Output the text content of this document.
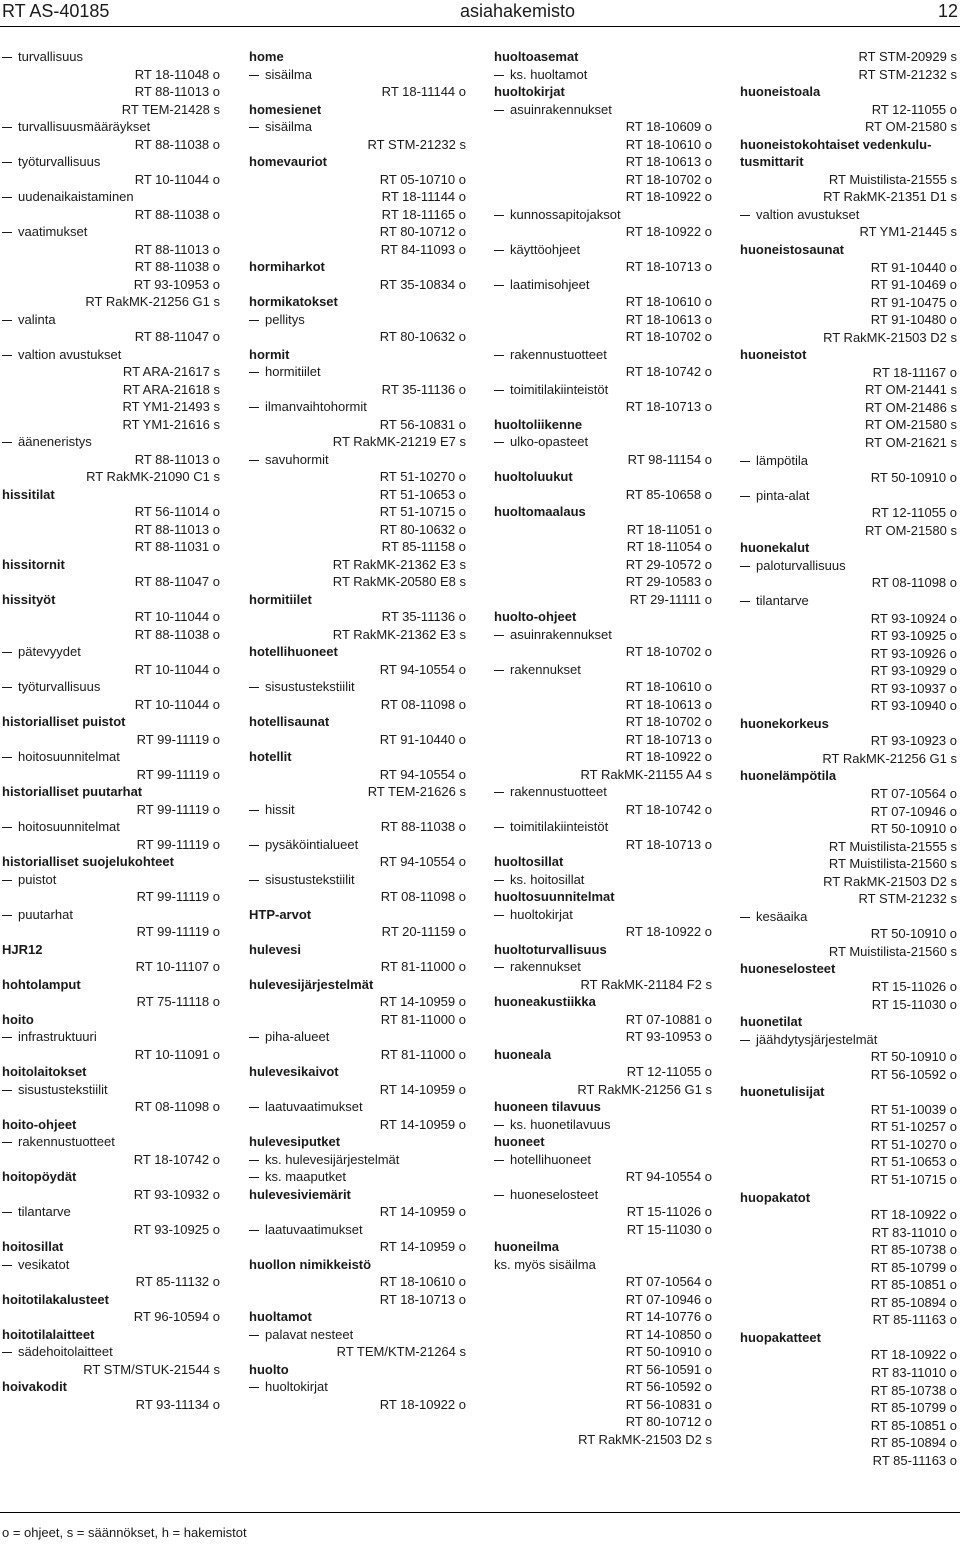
RT AS-40185	asiahakemisto	12
turvallisuus
RT 18-11048 o
RT 88-11013 o
RT TEM-21428 s
turvallisuusmääräykset
RT 88-11038 o
työturvallisuus
RT 10-11044 o
uudenaikaistaminen
RT 88-11038 o
vaatimukset
RT 88-11013 o
RT 88-11038 o
RT 93-10953 o
RT RakMK-21256 G1 s
valinta
RT 88-11047 o
valtion avustukset
RT ARA-21617 s
RT ARA-21618 s
RT YM1-21493 s
RT YM1-21616 s
ääneneristys
RT 88-11013 o
RT RakMK-21090 C1 s
hissitilat
RT 56-11014 o
RT 88-11013 o
RT 88-11031 o
hissitornit
RT 88-11047 o
hissityöt
RT 10-11044 o
RT 88-11038 o
pätevyydet
RT 10-11044 o
työturvallisuus
RT 10-11044 o
historialliset puistot
RT 99-11119 o
hoitosuunnitelmat
RT 99-11119 o
historialliset puutarhat
RT 99-11119 o
hoitosuunnitelmat
RT 99-11119 o
historialliset suojelukohteet
puistot
RT 99-11119 o
puutarhat
RT 99-11119 o
HJR12
RT 10-11107 o
hohtolamput
RT 75-11118 o
hoito
infrastruktuuri
RT 10-11091 o
hoitolaitokset
sisustustekstiilit
RT 08-11098 o
hoito-ohjeet
rakennustuotteet
RT 18-10742 o
hoitopöydät
RT 93-10932 o
tilantarve
RT 93-10925 o
hoitosillat
vesikatot
RT 85-11132 o
hoitotilakalusteet
RT 96-10594 o
hoitotilalaitteet
sädehoitolaitteet
RT STM/STUK-21544 s
hoivakodit
RT 93-11134 o
home
sisäilma
RT 18-11144 o
homesienet
sisäilma
RT STM-21232 s
homevauriot
RT 05-10710 o
RT 18-11144 o
RT 18-11165 o
RT 80-10712 o
RT 84-11093 o
hormiharkot
RT 35-10834 o
hormikatokset
pellitys
RT 80-10632 o
hormit
hormitiilet
RT 35-11136 o
ilmanvaihtohormit
RT 56-10831 o
RT RakMK-21219 E7 s
savuhormit
RT 51-10270 o
RT 51-10653 o
RT 51-10715 o
RT 80-10632 o
RT 85-11158 o
RT RakMK-21362 E3 s
RT RakMK-20580 E8 s
hormitiilet
RT 35-11136 o
RT RakMK-21362 E3 s
hotellihuoneet
RT 94-10554 o
sisustustekstiilit
RT 08-11098 o
hotellisaunat
RT 91-10440 o
hotellit
RT 94-10554 o
RT TEM-21626 s
hissit
RT 88-11038 o
pysäköintialueet
RT 94-10554 o
sisustustekstiilit
RT 08-11098 o
HTP-arvot
RT 20-11159 o
hulevesi
RT 81-11000 o
hulevesijärjestelmät
RT 14-10959 o
RT 81-11000 o
piha-alueet
RT 81-11000 o
hulevesikaivot
RT 14-10959 o
laatuvaatimukset
RT 14-10959 o
hulevesiputket
ks. hulevesijärjestelmät
ks. maaputket
hulevesiviemärit
RT 14-10959 o
laatuvaatimukset
RT 14-10959 o
huollon nimikkeistö
RT 18-10610 o
RT 18-10713 o
huoltamot
palavat nesteet
RT TEM/KTM-21264 s
huolto
huoltokirjat
RT 18-10922 o
huoltoasemat
ks. huoltamot
huoltokirjat
asuinrakennukset
RT 18-10609 o
RT 18-10610 o
RT 18-10613 o
RT 18-10702 o
RT 18-10922 o
kunnossapitojaksot
RT 18-10922 o
käyttöohjeet
RT 18-10713 o
laatimisohjeet
RT 18-10610 o
RT 18-10613 o
RT 18-10702 o
rakennustuotteet
RT 18-10742 o
toimitilakiinteistöt
RT 18-10713 o
huoltoliikenne
ulko-opasteet
RT 98-11154 o
huoltoluukut
RT 85-10658 o
huoltomaalaus
RT 18-11051 o
RT 18-11054 o
RT 29-10572 o
RT 29-10583 o
RT 29-11111 o
huolto-ohjeet
asuinrakennukset
RT 18-10702 o
rakennukset
RT 18-10610 o
RT 18-10613 o
RT 18-10702 o
RT 18-10713 o
RT 18-10922 o
RT RakMK-21155 A4 s
rakennustuotteet
RT 18-10742 o
toimitilakiinteistöt
RT 18-10713 o
huoltosillat
ks. hoitosillat
huoltosuunnitelmat
huoltokirjat
RT 18-10922 o
huoltoturvallisuus
rakennukset
RT RakMK-21184 F2 s
huoneakustiikka
RT 07-10881 o
RT 93-10953 o
huoneala
RT 12-11055 o
RT RakMK-21256 G1 s
huoneen tilavuus
ks. huonetilavuus
huoneet
hotellihuoneet
RT 94-10554 o
huoneselosteet
RT 15-11026 o
RT 15-11030 o
huoneilma
ks. myös sisäilma
RT 07-10564 o
RT 07-10946 o
RT 14-10776 o
RT 14-10850 o
RT 50-10910 o
RT 56-10591 o
RT 56-10592 o
RT 56-10831 o
RT 80-10712 o
RT RakMK-21503 D2 s
RT STM-20929 s
RT STM-21232 s
huoneistoala
RT 12-11055 o
RT OM-21580 s
huoneistokohtaiset vedenkulu-
tusmittarit
RT Muistilista-21555 s
RT RakMK-21351 D1 s
valtion avustukset
RT YM1-21445 s
huoneistosaunat
RT 91-10440 o
RT 91-10469 o
RT 91-10475 o
RT 91-10480 o
RT RakMK-21503 D2 s
huoneistot
RT 18-11167 o
RT OM-21441 s
RT OM-21486 s
RT OM-21580 s
RT OM-21621 s
lämpötila
RT 50-10910 o
pinta-alat
RT 12-11055 o
RT OM-21580 s
huonekalut
paloturvallisuus
RT 08-11098 o
tilantarve
RT 93-10924 o
RT 93-10925 o
RT 93-10926 o
RT 93-10929 o
RT 93-10937 o
RT 93-10940 o
huonekorkeus
RT 93-10923 o
RT RakMK-21256 G1 s
huonelämpötila
RT 07-10564 o
RT 07-10946 o
RT 50-10910 o
RT Muistilista-21555 s
RT Muistilista-21560 s
RT RakMK-21503 D2 s
RT STM-21232 s
kesäaika
RT 50-10910 o
RT Muistilista-21560 s
huoneselosteet
RT 15-11026 o
RT 15-11030 o
huonetilat
jäähdytysjärjestelmät
RT 50-10910 o
RT 56-10592 o
huonetulisijat
RT 51-10039 o
RT 51-10257 o
RT 51-10270 o
RT 51-10653 o
RT 51-10715 o
huopakatot
RT 18-10922 o
RT 83-11010 o
RT 85-10738 o
RT 85-10799 o
RT 85-10851 o
RT 85-10894 o
RT 85-11163 o
huopakatteet
RT 18-10922 o
RT 83-11010 o
RT 85-10738 o
RT 85-10799 o
RT 85-10851 o
RT 85-10894 o
RT 85-11163 o
o = ohjeet, s = säännökset, h = hakemistot
